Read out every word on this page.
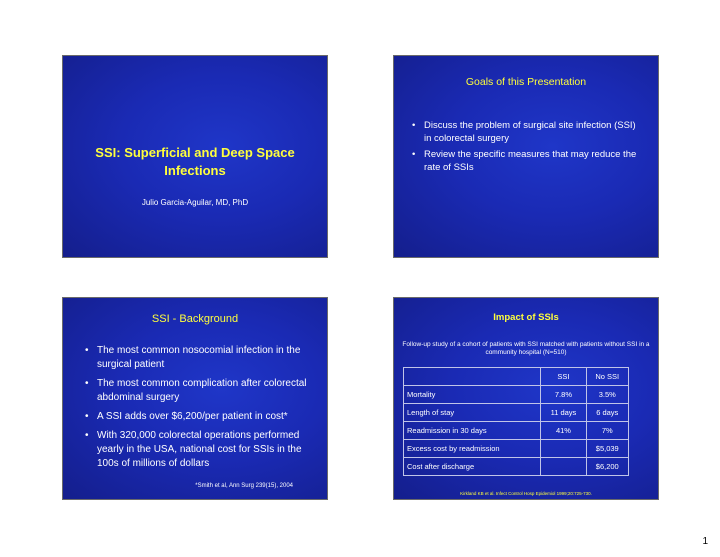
SSI: Superficial and Deep Space
Infections
Julio Garcia-Aguilar, MD, PhD
Goals of this Presentation
• Discuss the problem of surgical site infection (SSI) in colorectal surgery
• Review the specific measures that may reduce the rate of SSIs
SSI - Background
• The most common nosocomial infection in the surgical patient
• The most common complication after colorectal abdominal surgery
• A SSI adds over $6,200/per patient in cost*
• With 320,000 colorectal operations performed yearly in the USA, national cost for SSIs in the 100s of millions of dollars
*Smith et al, Ann Surg 239(15), 2004
Impact of SSIs
Follow-up study of a cohort of patients with SSI matched with patients without SSI in a community hospital (N=510)
	SSI	No SSI
Mortality	7.8%	3.5%
Length of stay	11 days	6 days
Readmission in 30 days	41%	7%
Excess cost by readmission		$5,039
Cost after discharge		$6,200
Kirkland KB et al. Infect Control Hosp Epidemiol 1999;20:725-730.
1
